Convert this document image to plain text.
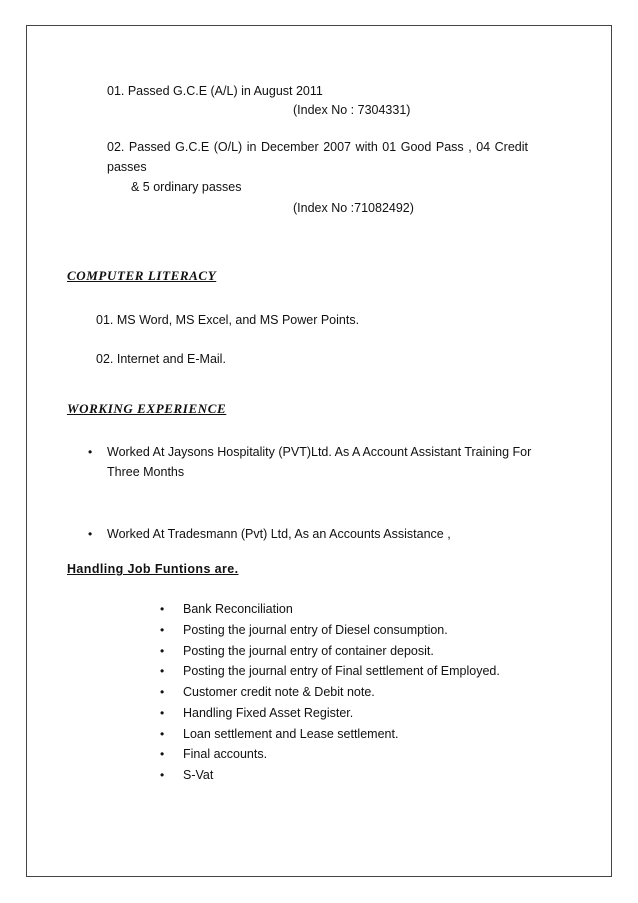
01. Passed G.C.E (A/L) in August 2011
(Index No : 7304331)
02. Passed G.C.E (O/L) in December 2007 with 01 Good Pass , 04 Credit
passes
& 5 ordinary passes
(Index No :71082492)
COMPUTER LITERACY
01. MS Word, MS Excel, and MS Power Points.
02. Internet and E-Mail.
WORKING EXPERIENCE
• Worked At Jaysons Hospitality (PVT)Ltd. As A Account Assistant Training For
Three Months
• Worked At Tradesmann (Pvt) Ltd, As an Accounts Assistance ,
Handling Job Funtions are.
• Bank Reconciliation
• Posting the journal entry of Diesel consumption.
• Posting the journal entry of container deposit.
• Posting the journal entry of Final settlement of Employed.
• Customer credit note & Debit note.
• Handling Fixed Asset Register.
• Loan settlement and Lease settlement.
• Final accounts.
• S-Vat
